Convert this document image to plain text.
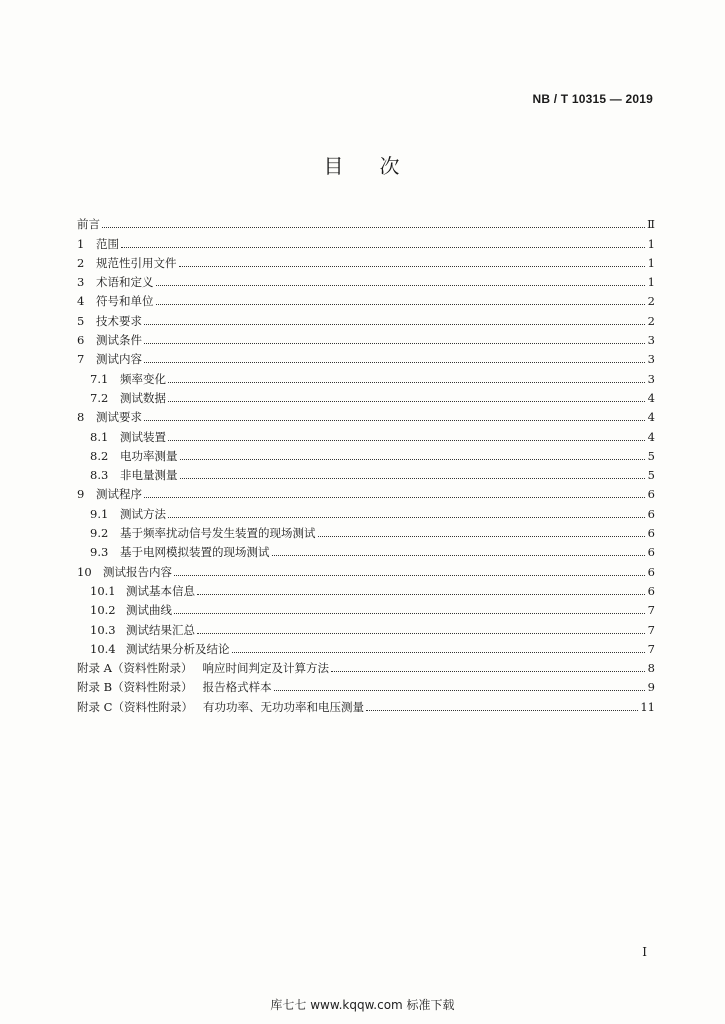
NB / T 10315 — 2019
目 次
前言	Ⅱ
1	范围	1
2	规范性引用文件	1
3	术语和定义	1
4	符号和单位	2
5	技术要求	2
6	测试条件	3
7	测试内容	3
7.1	频率变化	3
7.2	测试数据	4
8	测试要求	4
8.1	测试装置	4
8.2	电功率测量	5
8.3	非电量测量	5
9	测试程序	6
9.1	测试方法	6
9.2	基于频率扰动信号发生装置的现场测试	6
9.3	基于电网模拟装置的现场测试	6
10 测试报告内容	6
10.1 测试基本信息	6
10.2 测试曲线	7
10.3 测试结果汇总	7
10.4 测试结果分析及结论	7
附录 A（资料性附录） 响应时间判定及计算方法	8
附录 B（资料性附录） 报告格式样本	9
附录 C（资料性附录） 有功功率、无功功率和电压测量	11
I
库七七 www.kqqw.com 标准下载
